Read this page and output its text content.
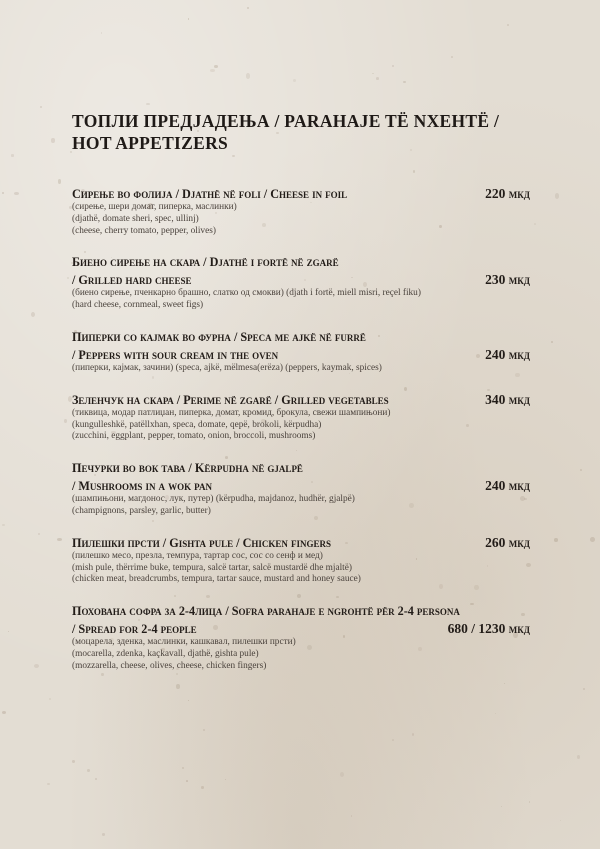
ТОПЛИ ПРЕДЈАДЕЊА / PARAHAJE TË NXEHTË / HOT APPETIZERS
220 мкд
Сирење во фолија / Djathë në foli / Cheese in foil
(сирење, шери домат, пиперка, маслинки)
(djathë, domate sheri, spec, ullinj)
(cheese, cherry tomato, pepper, olives)
230 мкд
Биено сирење на скара / Djathë i fortë në zgarë
/ Grilled hard cheese
(биено сирење, пченкарно брашно, слатко од смокви) (djath i fortë, miell misri, reçel fiku)
(hard cheese, cornmeal, sweet figs)
240 мкд
Пиперки со кајмак во фурна / Speca me ajkë në furrë
/ Peppers with sour cream in the oven
(пиперки, кајмак, зачини) (speca, ajkë, mëlmesa(erëza) (peppers, kaymak, spices)
340 мкд
Зеленчук на скара / Perime në zgarë / Grilled vegetables
(тиквица, модар патлиџан, пиперка, домат, кромид, брокула, свежи шампињони)
(kungulleshkë, patëllxhan, speca, domate, qepë, brokoli, kërpudha)
(zucchini, eggplant, pepper, tomato, onion, broccoli, mushrooms)
240 мкд
Печурки во вок тава / Kërpudha në gjalpë
/ Mushrooms in a wok pan
(шампињони, магдонос, лук, путер) (kërpudha, majdanoz, hudhër, gjalpë)
(champignons, parsley, garlic, butter)
260 мкд
Пилешки прсти / Gishta pule / Chicken fingers
(пилешко месо, презла, темпура, тартар сос, сос со сенф и мед)
(mish pule, thërrime buke, tempura, salcë tartar, salcë mustardë dhe mjaltë)
(chicken meat, breadcrumbs, tempura, tartar sauce, mustard and honey sauce)
680 / 1230 мкд
Похована софра за 2-4лица / Sofra parahaje e ngrohtë për 2-4 persona
/ Spread for 2-4 people
(моцарела, зденка, маслинки, кашкавал, пилешки прсти)
(mocarella, zdenka, kaçkavall, djathë, gishta pule)
(mozzarella, cheese, olives, cheese, chicken fingers)
